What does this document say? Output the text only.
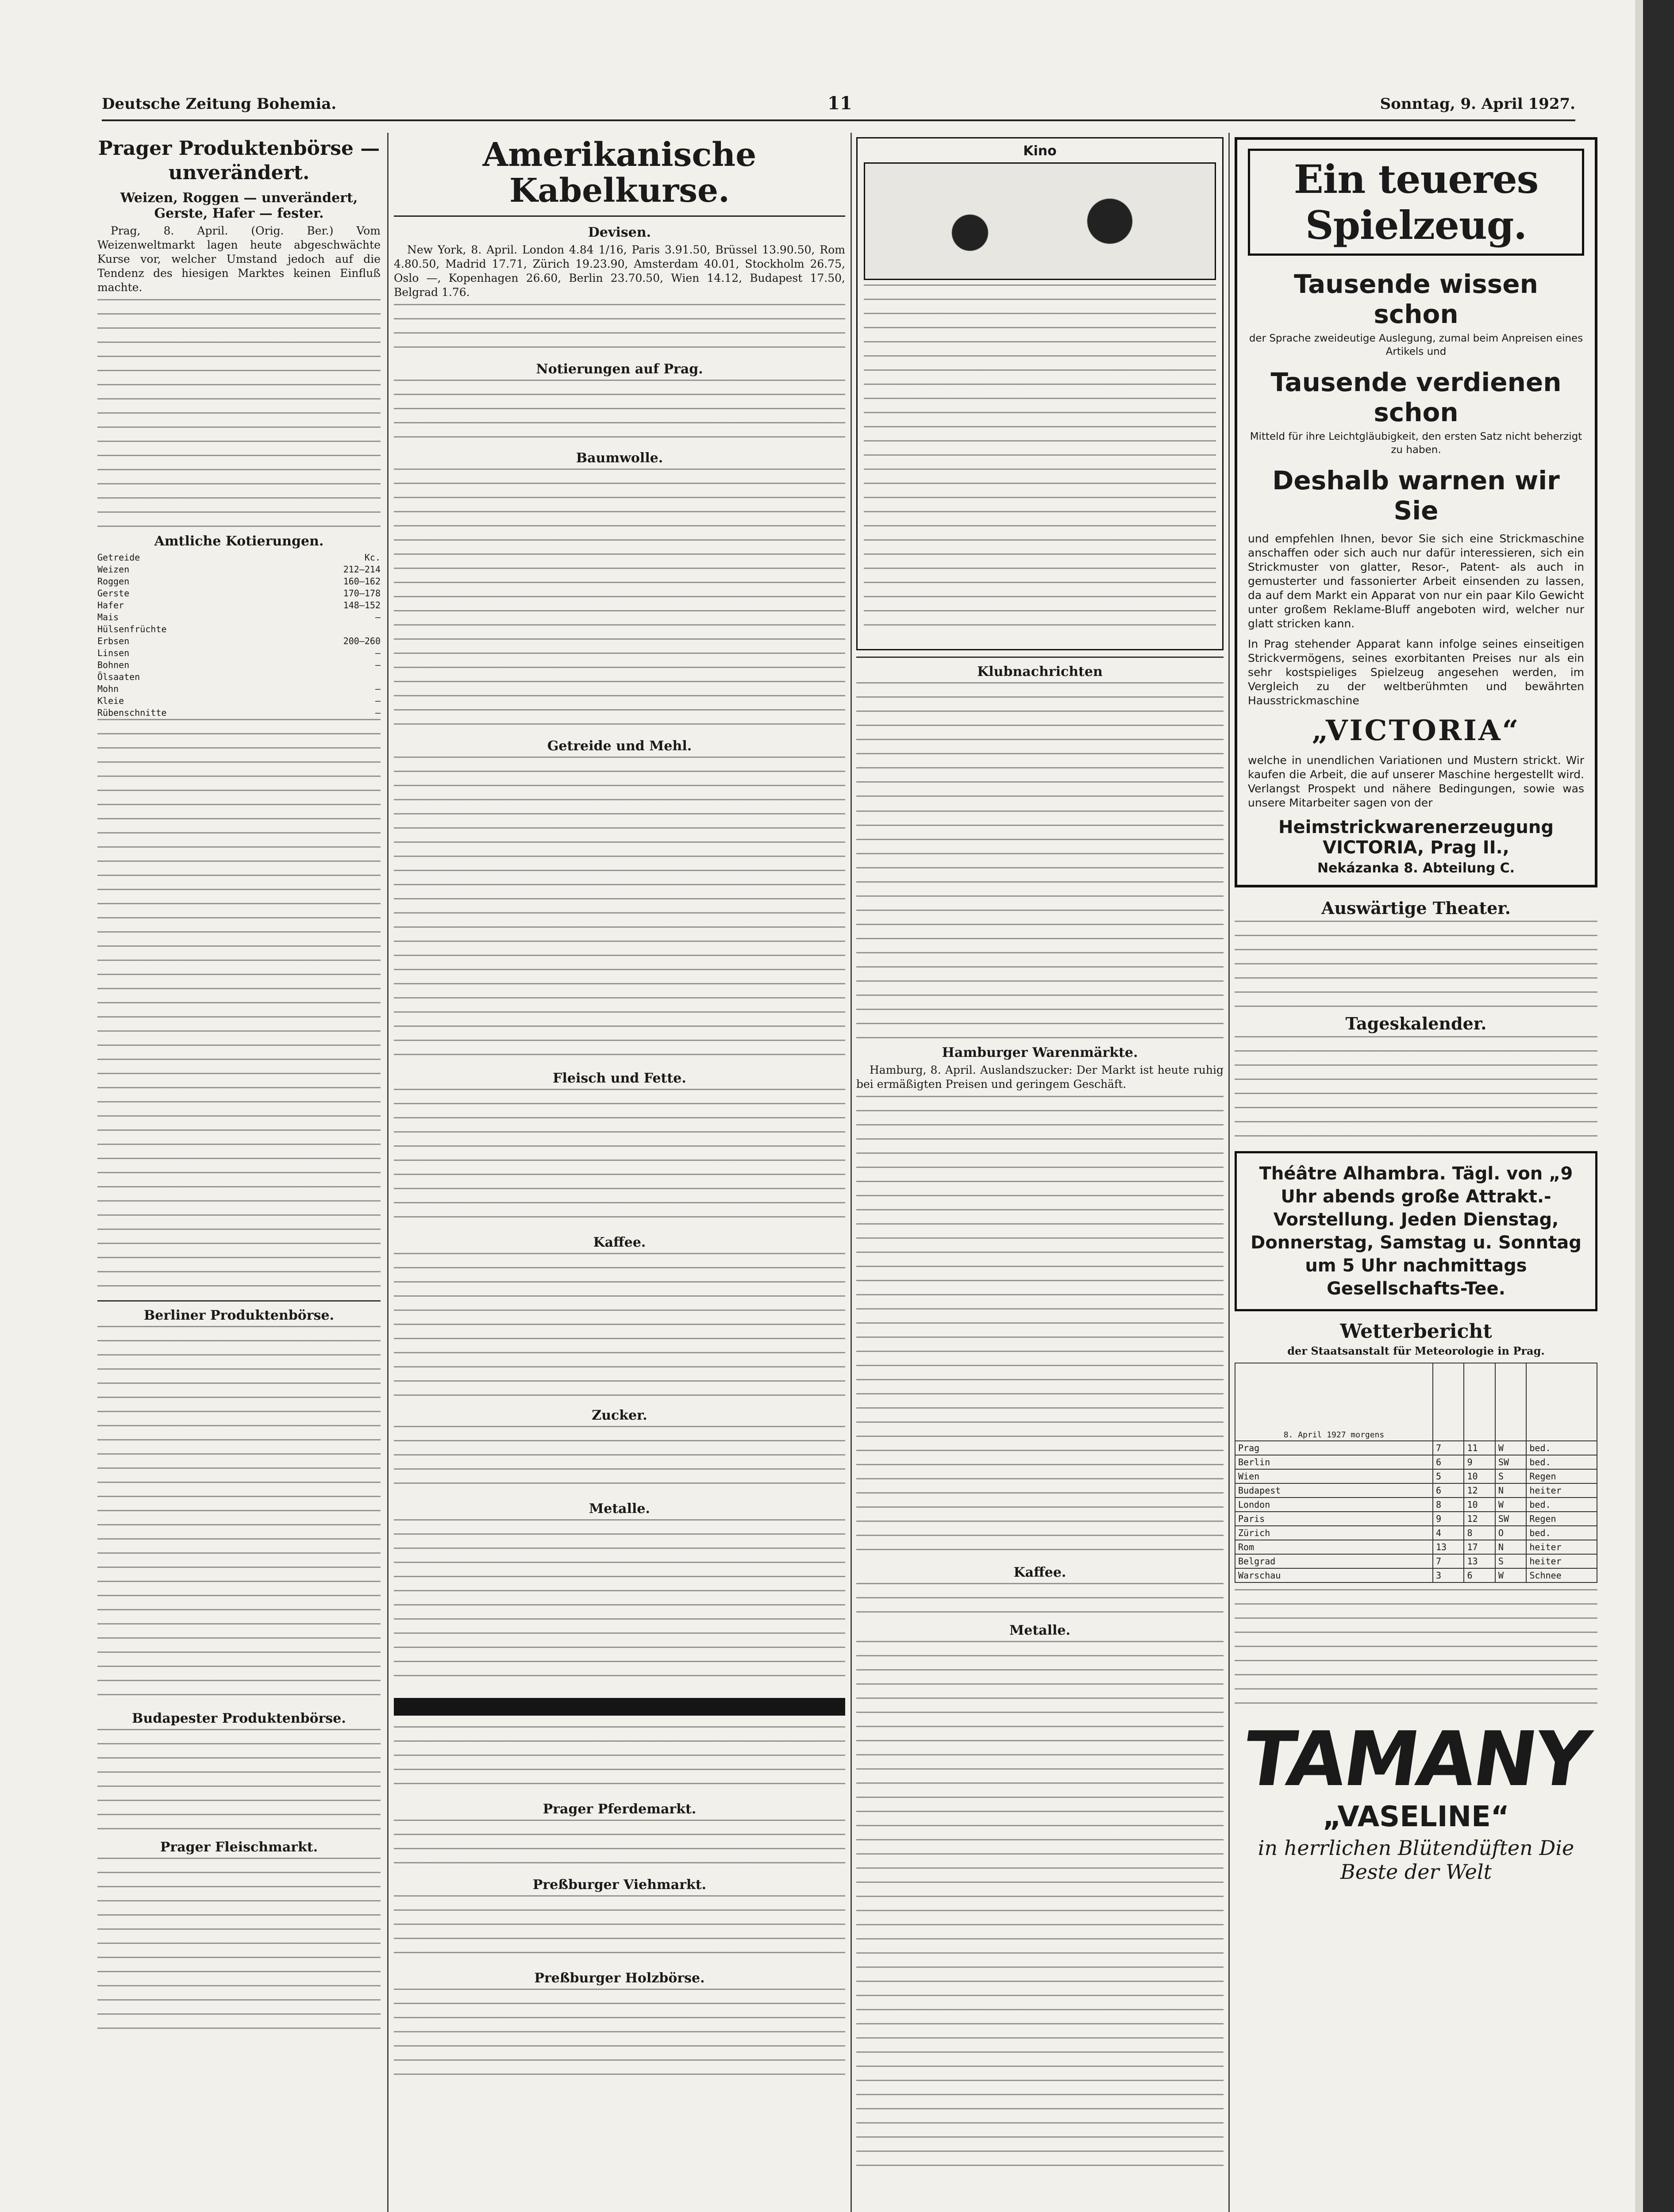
Deutsche Zeitung Bohemia.	11	Sonntag, 9. April 1927.
Prager Produktenbörse — unverändert.
Weizen, Roggen — unverändert, Gerste, Hafer — fester.

Prag, 8. April. (Orig. Ber.) Vom Weizenweltmarkt lagen heute abgeschwächte Kurse vor, welcher Umstand jedoch auf die Tendenz des hiesigen Marktes keinen Einfluß machte.

Amtliche Kotierungen.
Getreide	Kc.
Weizen	212—214
Roggen	160—162
Gerste	170—178
Hafer	148—152
Mais	—
Hülsenfrüchte
Erbsen	200—260
Linsen	—
Bohnen	—
Ölsaaten
Mohn	—
Kleie	—
Rübenschnitte	—
Berliner Produktenbörse.
Budapester Produktenbörse.
Prager Fleischmarkt.
Amerikanische Kabelkurse.
Devisen.

New York, 8. April. London 4.84 1/16, Paris 3.91.50, Brüssel 13.90.50, Rom 4.80.50, Madrid 17.71, Zürich 19.23.90, Amsterdam 40.01, Stockholm 26.75, Oslo —, Kopenhagen 26.60, Berlin 23.70.50, Wien 14.12, Budapest 17.50, Belgrad 1.76.

Notierungen auf Prag.
Baumwolle.
Getreide und Mehl.
Fleisch und Fette.
Kaffee.
Zucker.
Metalle.
Prager Pferdemarkt.
Preßburger Viehmarkt.
Preßburger Holzbörse.
Kino
Klubnachrichten
Hamburger Warenmärkte.

Hamburg, 8. April. Auslandszucker: Der Markt ist heute ruhig bei ermäßigten Preisen und geringem Geschäft.

Kaffee.
Metalle.
Ein teueres Spielzeug.
Tausende wissen schon
der Sprache zweideutige Auslegung, zumal beim Anpreisen eines Artikels und
Tausende verdienen schon
Mitteld für ihre Leichtgläubigkeit, den ersten Satz nicht beherzigt zu haben.
Deshalb warnen wir Sie
und empfehlen Ihnen, bevor Sie sich eine Strickmaschine anschaffen oder sich auch nur dafür interessieren, sich ein Strickmuster von glatter, Resor-, Patent- als auch in gemusterter und fassonierter Arbeit einsenden zu lassen, da auf dem Markt ein Apparat von nur ein paar Kilo Gewicht unter großem Reklame-Bluff angeboten wird, welcher nur glatt stricken kann.
In Prag stehender Apparat kann infolge seines einseitigen Strickvermögens, seines exorbitanten Preises nur als ein sehr kostspieliges Spielzeug angesehen werden, im Vergleich zu der weltberühmten und bewährten Hausstrickmaschine
„VICTORIA“
welche in unendlichen Variationen und Mustern strickt. Wir kaufen die Arbeit, die auf unserer Maschine hergestellt wird. Verlangst Prospekt und nähere Bedingungen, sowie was unsere Mitarbeiter sagen von der
Heimstrickwarenerzeugung VICTORIA, Prag II.,
Nekázanka 8. Abteilung C.
Auswärtige Theater.
Tageskalender.
Théâtre Alhambra. Tägl. von „9 Uhr abends große Attrakt.-Vorstellung. Jeden Dienstag, Donnerstag, Samstag u. Sonntag um 5 Uhr nachmittags Gesellschafts-Tee.
Wetterbericht
der Staatsanstalt für Meteorologie in Prag.
8. April 1927 morgens				
Prag	7	11	W	bed.
Berlin	6	9	SW	bed.
Wien	5	10	S	Regen
Budapest	6	12	N	heiter
London	8	10	W	bed.
Paris	9	12	SW	Regen
Zürich	4	8	O	bed.
Rom	13	17	N	heiter
Belgrad	7	13	S	heiter
Warschau	3	6	W	Schnee
TAMANY
„VASELINE“
in herrlichen Blütendüften Die Beste der Welt
